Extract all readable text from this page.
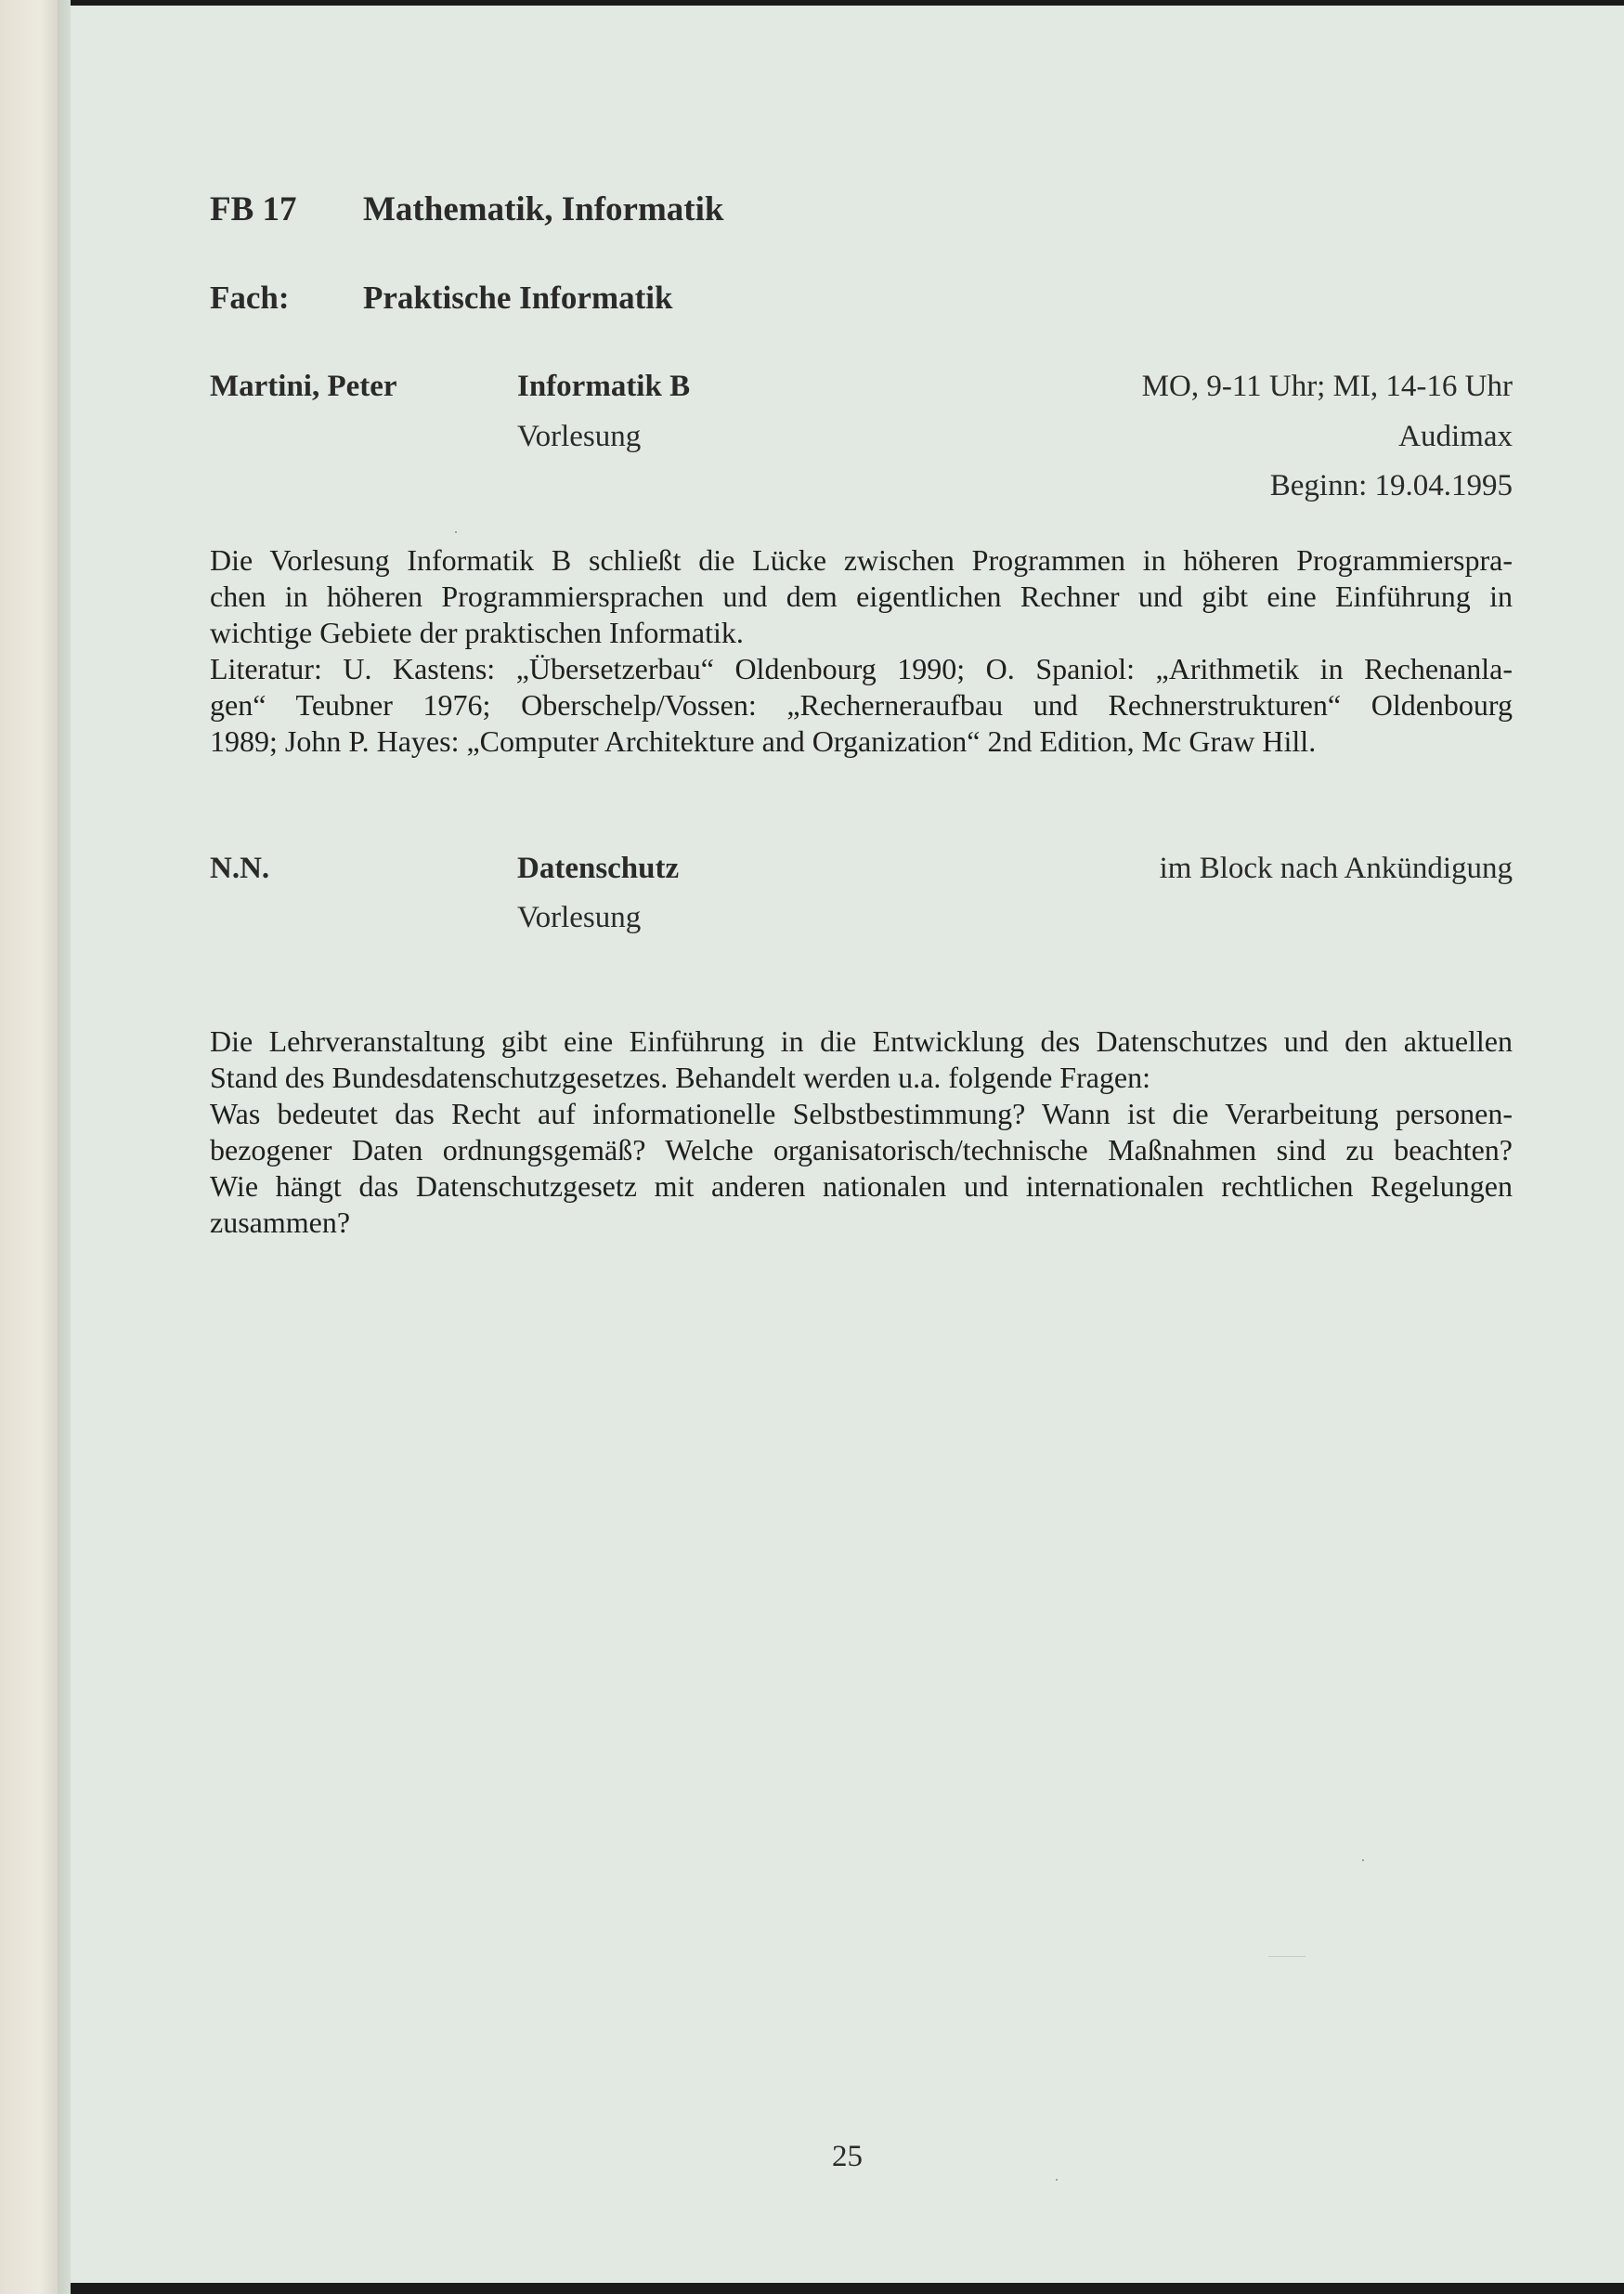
FB 17 Mathematik, Informatik
Fach: Praktische Informatik
Martini, Peter	Informatik B
Vorlesung
MO, 9-11 Uhr; MI, 14-16 Uhr
Audimax
Beginn: 19.04.1995

Die Vorlesung Informatik B schließt die Lücke zwischen Programmen in höheren Programmierspra-
chen in höheren Programmiersprachen und dem eigentlichen Rechner und gibt eine Einführung in
wichtige Gebiete der praktischen Informatik.
Literatur: U. Kastens: „Übersetzerbau“ Oldenbourg 1990; O. Spaniol: „Arithmetik in Rechenanla-
gen“ Teubner 1976; Oberschelp/Vossen: „Recherneraufbau und Rechnerstrukturen“ Oldenbourg
1989; John P. Hayes: „Computer Architekture and Organization“ 2nd Edition, Mc Graw Hill.

N.N.	Datenschutz
Vorlesung
im Block nach Ankündigung

Die Lehrveranstaltung gibt eine Einführung in die Entwicklung des Datenschutzes und den aktuellen
Stand des Bundesdatenschutzgesetzes. Behandelt werden u.a. folgende Fragen:
Was bedeutet das Recht auf informationelle Selbstbestimmung? Wann ist die Verarbeitung personen-
bezogener Daten ordnungsgemäß? Welche organisatorisch/technische Maßnahmen sind zu beachten?
Wie hängt das Datenschutzgesetz mit anderen nationalen und internationalen rechtlichen Regelungen
zusammen?

25
